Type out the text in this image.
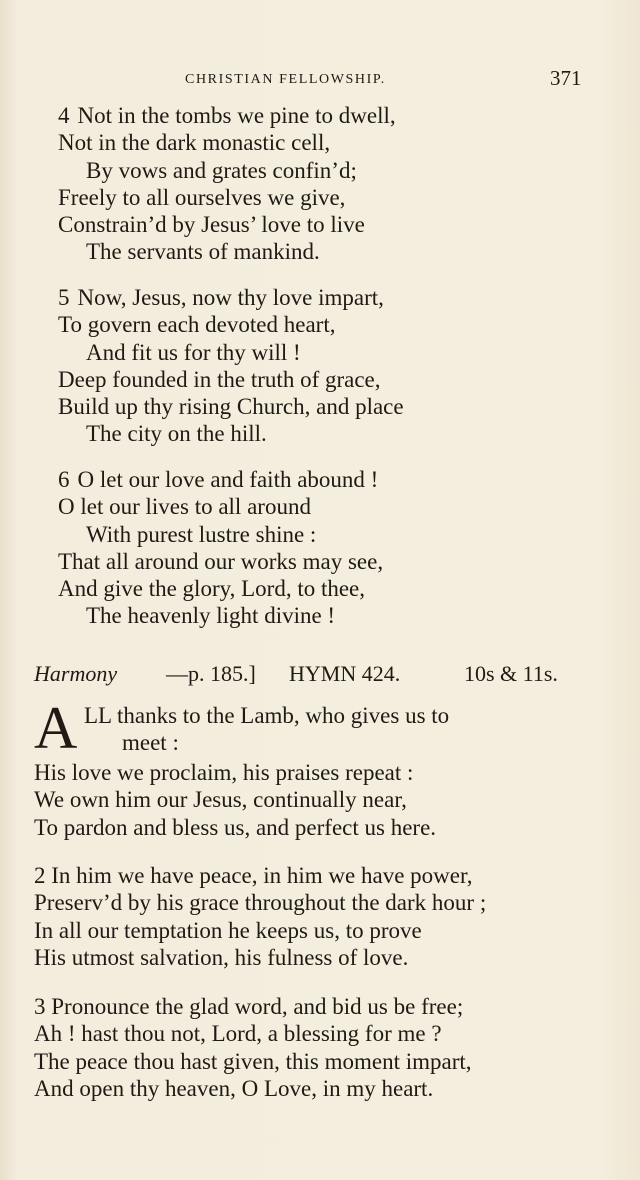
CHRISTIAN FELLOWSHIP.	371
4 Not in the tombs we pine to dwell,
Not in the dark monastic cell,
By vows and grates confin’d;
Freely to all ourselves we give,
Constrain’d by Jesus’ love to live
The servants of mankind.
5 Now, Jesus, now thy love impart,
To govern each devoted heart,
And fit us for thy will !
Deep founded in the truth of grace,
Build up thy rising Church, and place
The city on the hill.
6 O let our love and faith abound !
O let our lives to all around
With purest lustre shine :
That all around our works may see,
And give the glory, Lord, to thee,
The heavenly light divine !
Harmony —p. 185.] HYMN 424.	10s & 11s.
A LL thanks to the Lamb, who gives us to
meet :
His love we proclaim, his praises repeat :
We own him our Jesus, continually near,
To pardon and bless us, and perfect us here.
2 In him we have peace, in him we have power,
Preserv’d by his grace throughout the dark hour ;
In all our temptation he keeps us, to prove
His utmost salvation, his fulness of love.
3 Pronounce the glad word, and bid us be free;
Ah ! hast thou not, Lord, a blessing for me ?
The peace thou hast given, this moment impart,
And open thy heaven, O Love, in my heart.
